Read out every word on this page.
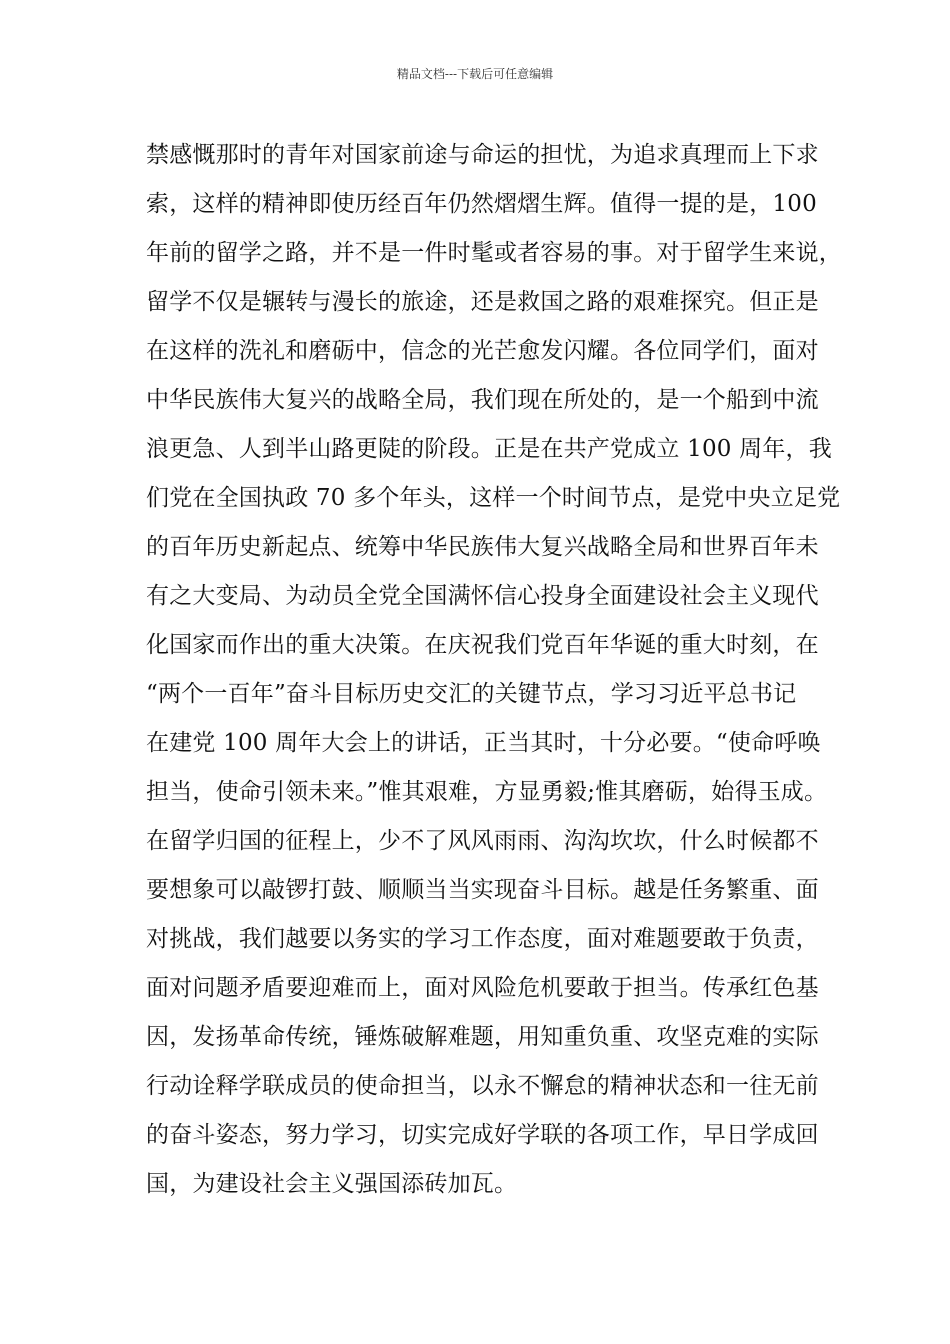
精品文档---下载后可任意编辑
禁感慨那时的青年对国家前途与命运的担忧，为追求真理而上下求
索，这样的精神即使历经百年仍然熠熠生辉。值得一提的是，100
年前的留学之路，并不是一件时髦或者容易的事。对于留学生来说，
留学不仅是辗转与漫长的旅途，还是救国之路的艰难探究。但正是
在这样的洗礼和磨砺中，信念的光芒愈发闪耀。各位同学们，面对
中华民族伟大复兴的战略全局，我们现在所处的，是一个船到中流
浪更急、人到半山路更陡的阶段。正是在共产党成立 100 周年，我
们党在全国执政 70 多个年头，这样一个时间节点，是党中央立足党
的百年历史新起点、统筹中华民族伟大复兴战略全局和世界百年未
有之大变局、为动员全党全国满怀信心投身全面建设社会主义现代
化国家而作出的重大决策。在庆祝我们党百年华诞的重大时刻，在
“两个一百年”奋斗目标历史交汇的关键节点，学习习近平总书记
在建党 100 周年大会上的讲话，正当其时，十分必要。“使命呼唤
担当，使命引领未来。”惟其艰难，方显勇毅;惟其磨砺，始得玉成。
在留学归国的征程上，少不了风风雨雨、沟沟坎坎，什么时候都不
要想象可以敲锣打鼓、顺顺当当实现奋斗目标。越是任务繁重、面
对挑战，我们越要以务实的学习工作态度，面对难题要敢于负责，
面对问题矛盾要迎难而上，面对风险危机要敢于担当。传承红色基
因，发扬革命传统，锤炼破解难题，用知重负重、攻坚克难的实际
行动诠释学联成员的使命担当，以永不懈怠的精神状态和一往无前
的奋斗姿态，努力学习，切实完成好学联的各项工作，早日学成回
国，为建设社会主义强国添砖加瓦。
